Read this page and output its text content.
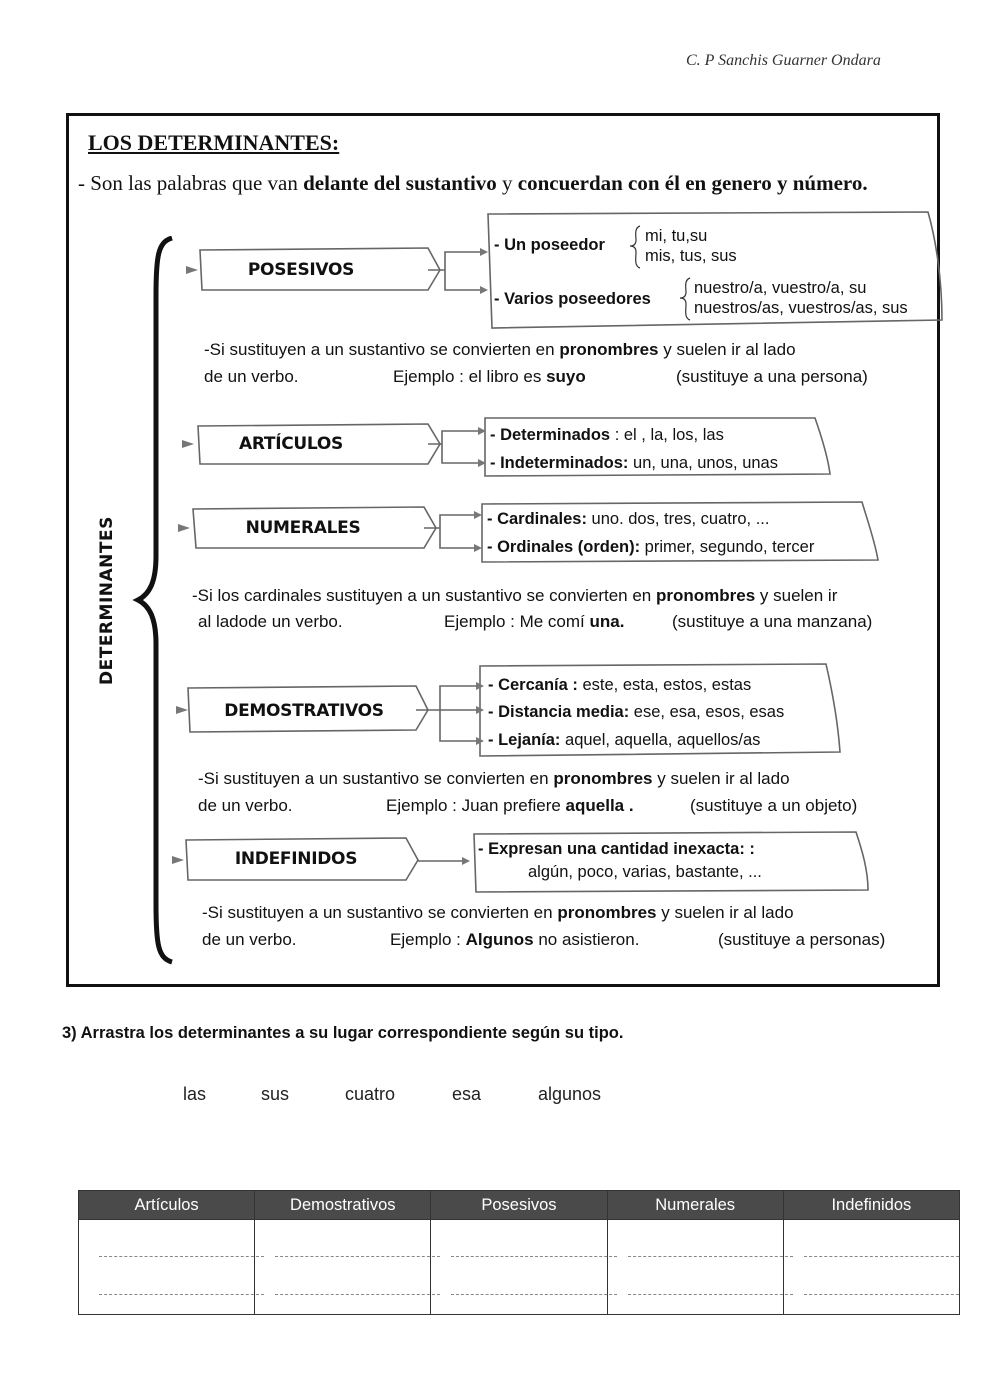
C. P Sanchis Guarner Ondara
LOS DETERMINANTES:
- Son las palabras que van delante del sustantivo y concuerdan con él en genero y número.
DETERMINANTES
POSESIVOS
- Un poseedor mi, tu,su
mis, tus, sus
- Varios poseedores
nuestro/a, vuestro/a, su
nuestros/as, vuestros/as, sus
-Si sustituyen a un sustantivo se convierten en pronombres y suelen ir al lado
de un verbo.	Ejemplo : el libro es suyo	(sustituye a una persona)
ARTÍCULOS	- Determinados : el , la, los, las
- Indeterminados: un, una, unos, unas
NUMERALES	- Cardinales: uno. dos, tres, cuatro, ...
- Ordinales (orden): primer, segundo, tercer
-Si los cardinales sustituyen a un sustantivo se convierten en pronombres y suelen ir
al ladode un verbo.	Ejemplo : Me comí una.	(sustituye a una manzana)
DEMOSTRATIVOS
- Cercanía : este, esta, estos, estas
- Distancia media: ese, esa, esos, esas
- Lejanía: aquel, aquella, aquellos/as
-Si sustituyen a un sustantivo se convierten en pronombres y suelen ir al lado
de un verbo.	Ejemplo : Juan prefiere aquella .	(sustituye a un objeto)
INDEFINIDOS	- Expresan una cantidad inexacta: :
algún, poco, varias, bastante, ...
-Si sustituyen a un sustantivo se convierten en pronombres y suelen ir al lado
de un verbo.	Ejemplo : Algunos no asistieron.	(sustituye a personas)
3) Arrastra los determinantes a su lugar correspondiente según su tipo.
las	sus	cuatro	esa	algunos
Artículos	Demostrativos	Posesivos	Numerales	Indefinidos
